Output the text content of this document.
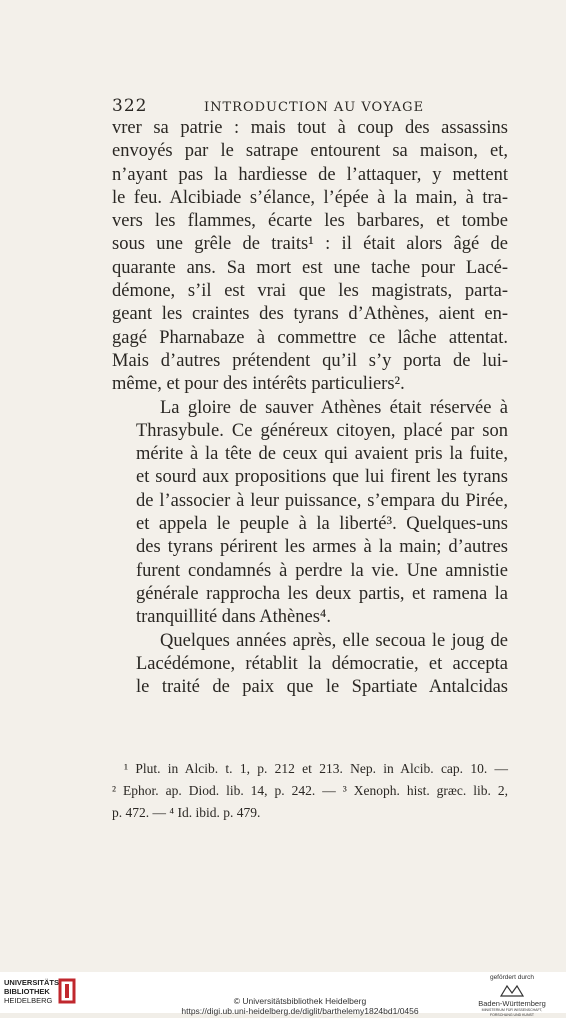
322	INTRODUCTION AU VOYAGE

vrer sa patrie : mais tout à coup des assassins
envoyés par le satrape entourent sa maison, et,
n’ayant pas la hardiesse de l’attaquer, y mettent
le feu. Alcibiade s’élance, l’épée à la main, à tra-
vers les flammes, écarte les barbares, et tombe
sous une grêle de traits¹ : il était alors âgé de
quarante ans. Sa mort est une tache pour Lacé-
démone, s’il est vrai que les magistrats, parta-
geant les craintes des tyrans d’Athènes, aient en-
gagé Pharnabaze à commettre ce lâche attentat.
Mais d’autres prétendent qu’il s’y porta de lui-
même, et pour des intérêts particuliers².

La gloire de sauver Athènes était réservée à
Thrasybule. Ce généreux citoyen, placé par son
mérite à la tête de ceux qui avaient pris la fuite,
et sourd aux propositions que lui firent les tyrans
de l’associer à leur puissance, s’empara du Pirée,
et appela le peuple à la liberté³. Quelques-uns
des tyrans périrent les armes à la main; d’autres
furent condamnés à perdre la vie. Une amnistie
générale rapprocha les deux partis, et ramena la
tranquillité dans Athènes⁴.

Quelques années après, elle secoua le joug de
Lacédémone, rétablit la démocratie, et accepta
le traité de paix que le Spartiate Antalcidas

¹ Plut. in Alcib. t. 1, p. 212 et 213. Nep. in Alcib. cap. 10. —
² Ephor. ap. Diod. lib. 14, p. 242. — ³ Xenoph. hist. græc. lib. 2,
p. 472. — ⁴ Id. ibid. p. 479.
UNIVERSITÄTS-
BIBLIOTHEK
HEIDELBERG	© Universitätsbibliothek Heidelberg
https://digi.ub.uni-heidelberg.de/diglit/barthelemy1824bd1/0456
gefördert durch
Baden-Württemberg
MINISTERIUM FÜR WISSENSCHAFT, FORSCHUNG UND KUNST
